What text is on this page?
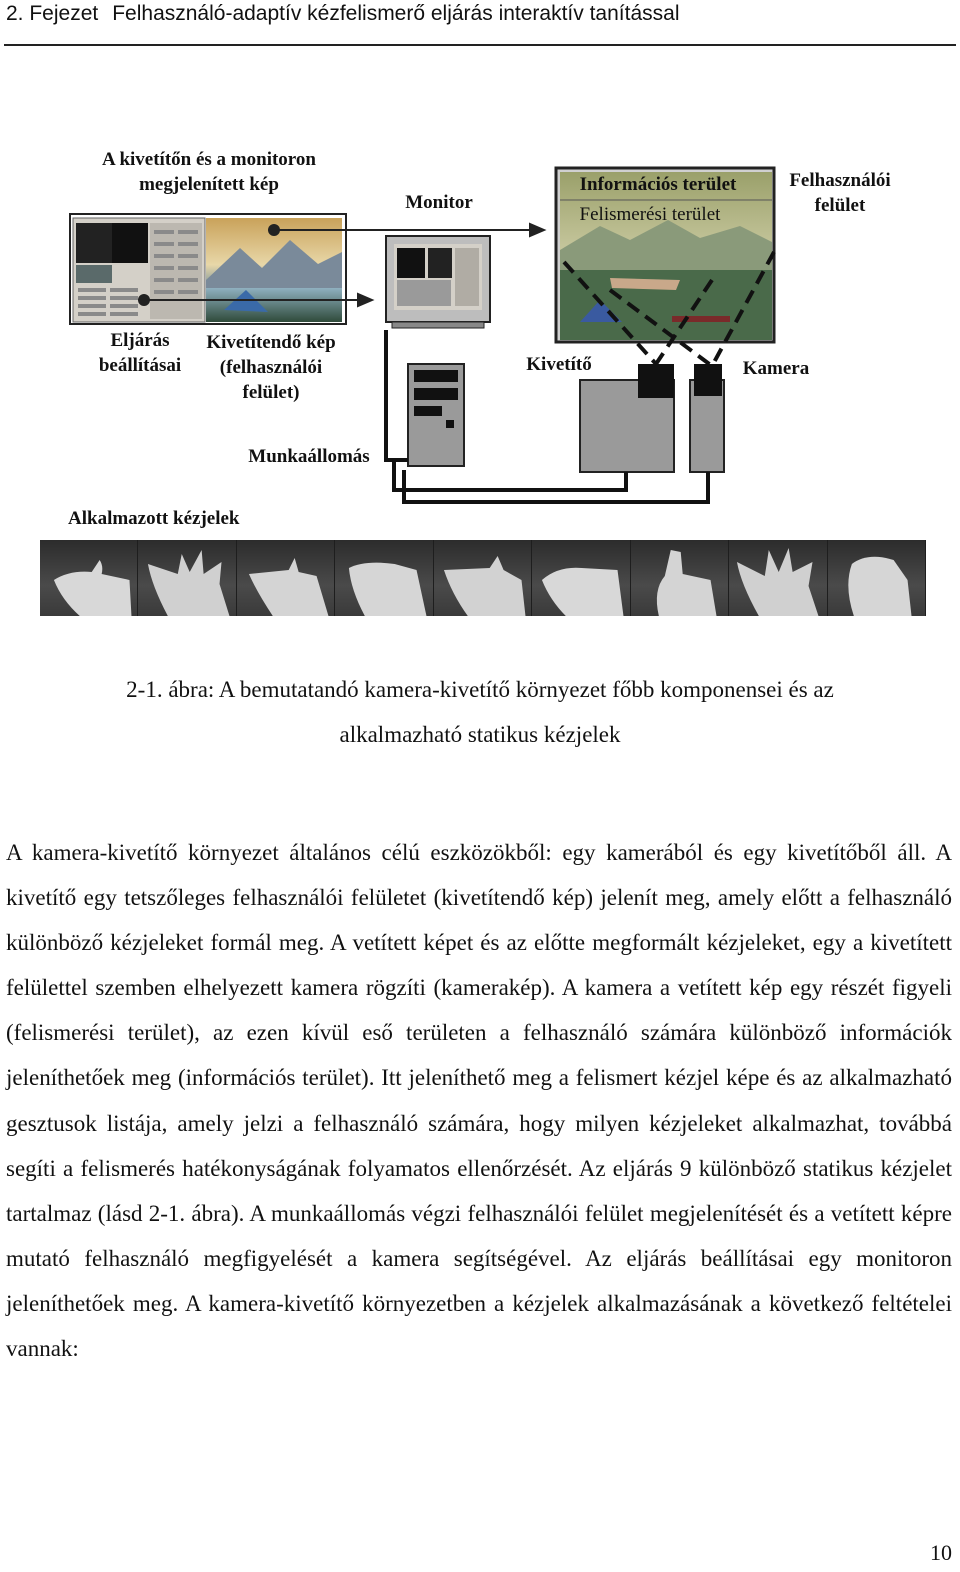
2. Fejezet Felhasználó-adaptív kézfelismerő eljárás interaktív tanítással
A kivetítőn és a monitoron megjelenített kép
Monitor
Információs terület
Felismerési terület
Felhasználói felület
Eljárás beállításai
Kivetítendő kép (felhasználói felület)
Kivetítő	Kamera
Munkaállomás
Alkalmazott kézjelek
2-1. ábra: A bemutatandó kamera-kivetítő környezet főbb komponensei és az
alkalmazható statikus kézjelek
A kamera-kivetítő környezet általános célú eszközökből: egy kamerából és egy kivetítőből áll. A kivetítő egy tetszőleges felhasználói felületet (kivetítendő kép) jelenít meg, amely előtt a felhasználó különböző kézjeleket formál meg. A vetített képet és az előtte megformált kézjeleket, egy a kivetített felülettel szemben elhelyezett kamera rögzíti (kamerakép). A kamera a vetített kép egy részét figyeli (felismerési terület), az ezen kívül eső területen a felhasználó számára különböző információk jeleníthetőek meg (információs terület). Itt jeleníthető meg a felismert kézjel képe és az alkalmazható gesztusok listája, amely jelzi a felhasználó számára, hogy milyen kézjeleket alkalmazhat, továbbá segíti a felismerés hatékonyságának folyamatos ellenőrzését. Az eljárás 9 különböző statikus kézjelet tartalmaz (lásd 2-1. ábra). A munkaállomás végzi felhasználói felület megjelenítését és a vetített képre mutató felhasználó megfigyelését a kamera segítségével. Az eljárás beállításai egy monitoron jeleníthetőek meg. A kamera-kivetítő környezetben a kézjelek alkalmazásának a következő feltételei vannak:
10
